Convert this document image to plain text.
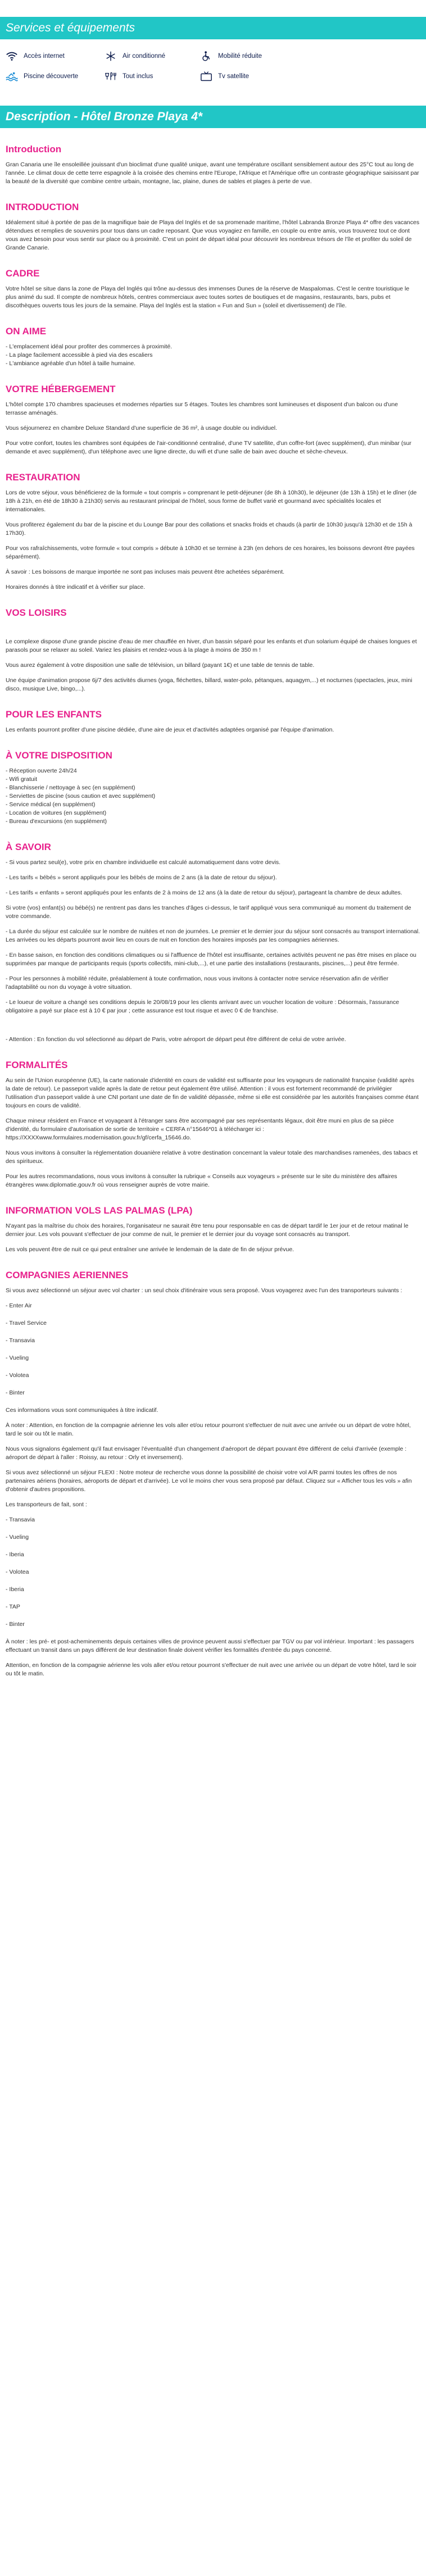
Services et équipements
Accès internet	Air conditionné	Mobilité réduite
Piscine découverte	Tout inclus	Tv satellite
Description - Hôtel Bronze Playa 4*
Introduction

Gran Canaria une île ensoleillée jouissant d'un bioclimat d'une qualité unique, avant une température oscillant sensiblement autour des 25°C tout au long de l'année. Le climat doux de cette terre espagnole à la croisée des chemins entre l'Europe, l'Afrique et l'Amérique offre un contraste géographique saisissant par la beauté de la diversité que combine centre urbain, montagne, lac, plaine, dunes de sables et plages à perte de vue.

INTRODUCTION

Idéalement situé à portée de pas de la magnifique baie de Playa del Inglés et de sa promenade maritime, l'hôtel Labranda Bronze Playa 4* offre des vacances détendues et remplies de souvenirs pour tous dans un cadre reposant. Que vous voyagiez en famille, en couple ou entre amis, vous trouverez tout ce dont vous avez besoin pour vous sentir sur place ou à proximité. C'est un point de départ idéal pour découvrir les nombreux trésors de l'île et profiter du soleil de Grande Canarie.

CADRE

Votre hôtel se situe dans la zone de Playa del Inglés qui trône au-dessus des immenses Dunes de la réserve de Maspalomas. C'est le centre touristique le plus animé du sud. Il compte de nombreux hôtels, centres commerciaux avec toutes sortes de boutiques et de magasins, restaurants, bars, pubs et discothèques ouverts tous les jours de la semaine. Playa del Inglés est la station « Fun and Sun » (soleil et divertissement) de l'île.

ON AIME
- L'emplacement idéal pour profiter des commerces à proximité.
- La plage facilement accessible à pied via des escaliers
- L'ambiance agréable d'un hôtel à taille humaine.
VOTRE HÉBERGEMENT

L'hôtel compte 170 chambres spacieuses et modernes réparties sur 5 étages. Toutes les chambres sont lumineuses et disposent d'un balcon ou d'une terrasse aménagés.

Vous séjournerez en chambre Deluxe Standard d'une superficie de 36 m², à usage double ou individuel.

Pour votre confort, toutes les chambres sont équipées de l'air-conditionné centralisé, d'une TV satellite, d'un coffre-fort (avec supplément), d'un minibar (sur demande et avec supplément), d'un téléphone avec une ligne directe, du wifi et d'une salle de bain avec douche et sèche-cheveux.

RESTAURATION

Lors de votre séjour, vous bénéficierez de la formule « tout compris » comprenant le petit-déjeuner (de 8h à 10h30), le déjeuner (de 13h à 15h) et le dîner (de 18h à 21h, en été de 18h30 à 21h30) servis au restaurant principal de l'hôtel, sous forme de buffet varié et gourmand avec spécialités locales et internationales.

Vous profiterez également du bar de la piscine et du Lounge Bar pour des collations et snacks froids et chauds (à partir de 10h30 jusqu'à 12h30 et de 15h à 17h30).

Pour vos rafraîchissements, votre formule « tout compris » débute à 10h30 et se termine à 23h (en dehors de ces horaires, les boissons devront être payées séparément).

À savoir : Les boissons de marque importée ne sont pas incluses mais peuvent être achetées séparément.

Horaires donnés à titre indicatif et à vérifier sur place.

VOS LOISIRS

Le complexe dispose d'une grande piscine d'eau de mer chauffée en hiver, d'un bassin séparé pour les enfants et d'un solarium équipé de chaises longues et parasols pour se relaxer au soleil. Variez les plaisirs et rendez-vous à la plage à moins de 350 m !

Vous aurez également à votre disposition une salle de télévision, un billard (payant 1€) et une table de tennis de table.

Une équipe d'animation propose 6j/7 des activités diurnes (yoga, fléchettes, billard, water-polo, pétanques, aquagym,...) et nocturnes (spectacles, jeux, mini disco, musique Live, bingo,...).

POUR LES ENFANTS

Les enfants pourront profiter d'une piscine dédiée, d'une aire de jeux et d'activités adaptées organisé par l'équipe d'animation.

À VOTRE DISPOSITION
- Réception ouverte 24h/24
- Wifi gratuit
- Blanchisserie / nettoyage à sec (en supplément)
- Serviettes de piscine (sous caution et avec supplément)
- Service médical (en supplément)
- Location de voitures (en supplément)
- Bureau d'excursions (en supplément)
À SAVOIR

- Si vous partez seul(e), votre prix en chambre individuelle est calculé automatiquement dans votre devis.

- Les tarifs « bébés » seront appliqués pour les bébés de moins de 2 ans (à la date de retour du séjour).

- Les tarifs « enfants » seront appliqués pour les enfants de 2 à moins de 12 ans (à la date de retour du séjour), partageant la chambre de deux adultes.

Si votre (vos) enfant(s) ou bébé(s) ne rentrent pas dans les tranches d'âges ci-dessus, le tarif appliqué vous sera communiqué au moment du traitement de votre commande.

- La durée du séjour est calculée sur le nombre de nuitées et non de journées. Le premier et le dernier jour du séjour sont consacrés au transport international. Les arrivées ou les départs pourront avoir lieu en cours de nuit en fonction des horaires imposés par les compagnies aériennes.

- En basse saison, en fonction des conditions climatiques ou si l'affluence de l'hôtel est insuffisante, certaines activités peuvent ne pas être mises en place ou supprimées par manque de participants requis (sports collectifs, mini-club,...), et une partie des installations (restaurants, piscines,...) peut être fermée.

- Pour les personnes à mobilité réduite, préalablement à toute confirmation, nous vous invitons à contacter notre service réservation afin de vérifier l'adaptabilité ou non du voyage à votre situation.

- Le loueur de voiture a changé ses conditions depuis le 20/08/19 pour les clients arrivant avec un voucher location de voiture : Désormais, l'assurance obligatoire a payé sur place est à 10 € par jour ; cette assurance est tout risque et avec 0 € de franchise.

- Attention : En fonction du vol sélectionné au départ de Paris, votre aéroport de départ peut être différent de celui de votre arrivée.

FORMALITÉS

Au sein de l'Union européenne (UE), la carte nationale d'identité en cours de validité est suffisante pour les voyageurs de nationalité française (validité après la date de retour). Le passeport valide après la date de retour peut également être utilisé. Attention : il vous est fortement recommandé de privilégier l'utilisation d'un passeport valide à une CNI portant une date de fin de validité dépassée, même si elle est considérée par les autorités françaises comme étant toujours en cours de validité.

Chaque mineur résident en France et voyageant à l'étranger sans être accompagné par ses représentants légaux, doit être muni en plus de sa pièce d'identité, du formulaire d'autorisation de sortie de territoire « CERFA n°15646*01 à télécharger ici : https://XXXXwww.formulaires.modernisation.gouv.fr/gf/cerfa_15646.do.

Nous vous invitons à consulter la réglementation douanière relative à votre destination concernant la valeur totale des marchandises ramenées, des tabacs et des spiritueux.

Pour les autres recommandations, nous vous invitons à consulter la rubrique « Conseils aux voyageurs » présente sur le site du ministère des affaires étrangères www.diplomatie.gouv.fr où vous renseigner auprès de votre mairie.

INFORMATION VOLS LAS PALMAS (LPA)

N'ayant pas la maîtrise du choix des horaires, l'organisateur ne saurait être tenu pour responsable en cas de départ tardif le 1er jour et de retour matinal le dernier jour. Les vols pouvant s'effectuer de jour comme de nuit, le premier et le dernier jour du voyage sont consacrés au transport.

Les vols peuvent être de nuit ce qui peut entraîner une arrivée le lendemain de la date de fin de séjour prévue.

COMPAGNIES AERIENNES

Si vous avez sélectionné un séjour avec vol charter : un seul choix d'itinéraire vous sera proposé. Vous voyagerez avec l'un des transporteurs suivants :

- Enter Air
- Travel Service
- Transavia
- Vueling
- Volotea
- Binter

Ces informations vous sont communiquées à titre indicatif.

À noter : Attention, en fonction de la compagnie aérienne les vols aller et/ou retour pourront s'effectuer de nuit avec une arrivée ou un départ de votre hôtel, tard le soir ou tôt le matin.

Nous vous signalons également qu'il faut envisager l'éventualité d'un changement d'aéroport de départ pouvant être différent de celui d'arrivée (exemple : aéroport de départ à l'aller : Roissy, au retour : Orly et inversement).

Si vous avez sélectionné un séjour FLEXI : Notre moteur de recherche vous donne la possibilité de choisir votre vol A/R parmi toutes les offres de nos partenaires aériens (horaires, aéroports de départ et d'arrivée). Le vol le moins cher vous sera proposé par défaut. Cliquez sur « Afficher tous les vols » afin d'obtenir d'autres propositions.

Les transporteurs de fait, sont :

- Transavia
- Vueling
- Iberia
- Volotea
- Iberia
- TAP
- Binter

À noter : les pré- et post-acheminements depuis certaines villes de province peuvent aussi s'effectuer par TGV ou par vol intérieur. Important : les passagers effectuant un transit dans un pays différent de leur destination finale doivent vérifier les formalités d'entrée du pays concerné.

Attention, en fonction de la compagnie aérienne les vols aller et/ou retour pourront s'effectuer de nuit avec une arrivée ou un départ de votre hôtel, tard le soir ou tôt le matin.
